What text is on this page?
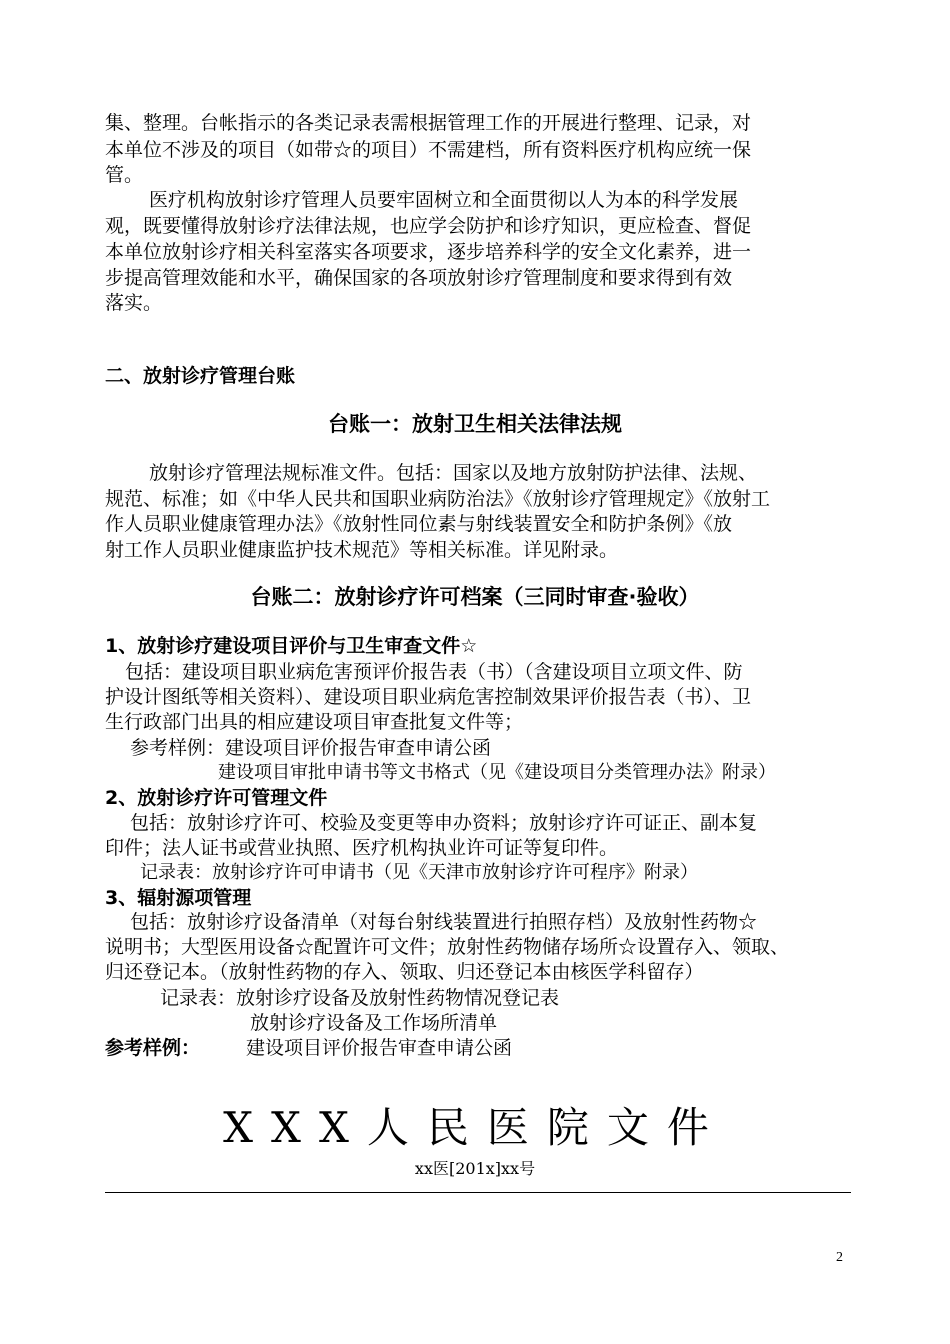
集、整理。台帐指示的各类记录表需根据管理工作的开展进行整理、记录，对
本单位不涉及的项目（如带☆的项目）不需建档，所有资料医疗机构应统一保
管。
医疗机构放射诊疗管理人员要牢固树立和全面贯彻以人为本的科学发展
观，既要懂得放射诊疗法律法规，也应学会防护和诊疗知识，更应检查、督促
本单位放射诊疗相关科室落实各项要求，逐步培养科学的安全文化素养，进一
步提高管理效能和水平，确保国家的各项放射诊疗管理制度和要求得到有效
落实。
二、放射诊疗管理台账
台账一：放射卫生相关法律法规
放射诊疗管理法规标准文件。包括：国家以及地方放射防护法律、法规、
规范、标准；如《中华人民共和国职业病防治法》《放射诊疗管理规定》《放射工
作人员职业健康管理办法》《放射性同位素与射线装置安全和防护条例》《放
射工作人员职业健康监护技术规范》等相关标准。详见附录。
台账二：放射诊疗许可档案（三同时审查·验收）
1、放射诊疗建设项目评价与卫生审查文件☆
包括：建设项目职业病危害预评价报告表（书）（含建设项目立项文件、防
护设计图纸等相关资料）、建设项目职业病危害控制效果评价报告表（书）、卫
生行政部门出具的相应建设项目审查批复文件等；
参考样例：建设项目评价报告审查申请公函
建设项目审批申请书等文书格式（见《建设项目分类管理办法》附录）
2、放射诊疗许可管理文件
包括：放射诊疗许可、校验及变更等申办资料；放射诊疗许可证正、副本复
印件；法人证书或营业执照、医疗机构执业许可证等复印件。
记录表：放射诊疗许可申请书（见《天津市放射诊疗许可程序》附录）
3、辐射源项管理
包括：放射诊疗设备清单（对每台射线装置进行拍照存档）及放射性药物☆
说明书；大型医用设备☆配置许可文件；放射性药物储存场所☆设置存入、领取、
归还登记本。（放射性药物的存入、领取、归还登记本由核医学科留存）
记录表：放射诊疗设备及放射性药物情况登记表
放射诊疗设备及工作场所清单
参考样例： 建设项目评价报告审查申请公函
XXX人民医院文件
xx医[201x]xx号
2
